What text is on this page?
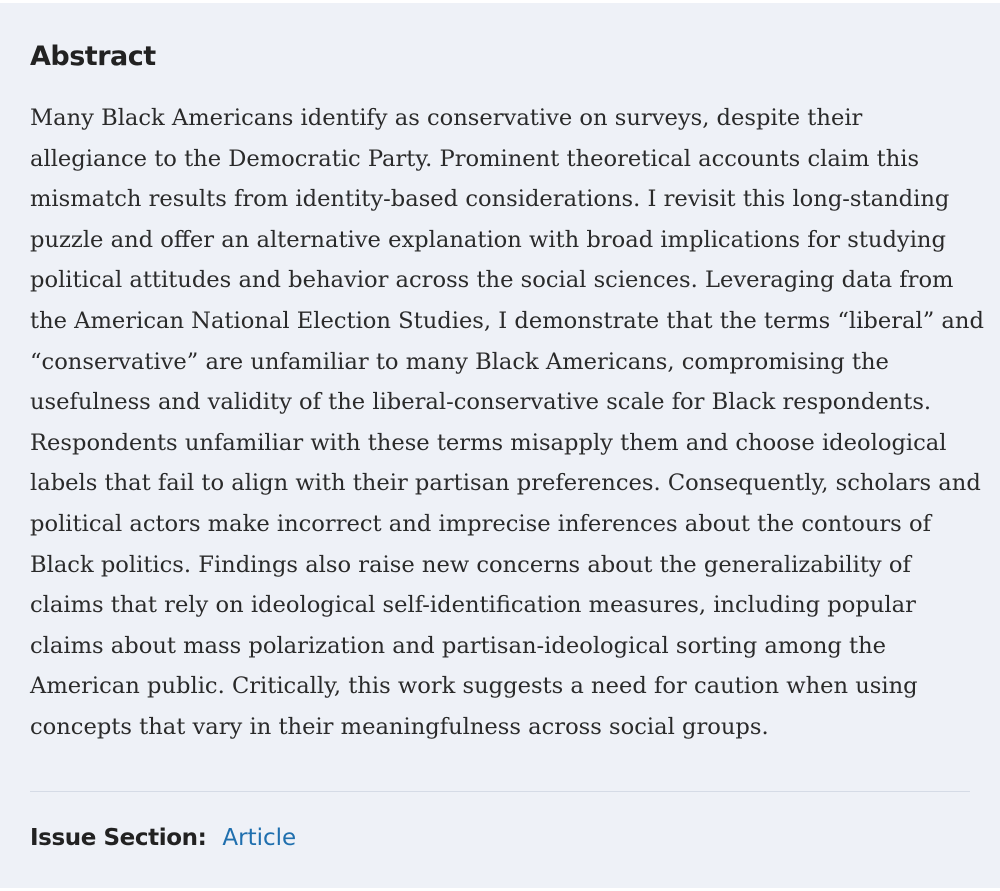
Abstract
Many Black Americans identify as conservative on surveys, despite their
allegiance to the Democratic Party. Prominent theoretical accounts claim this
mismatch results from identity-based considerations. I revisit this long-standing
puzzle and offer an alternative explanation with broad implications for studying
political attitudes and behavior across the social sciences. Leveraging data from
the American National Election Studies, I demonstrate that the terms “liberal” and
“conservative” are unfamiliar to many Black Americans, compromising the
usefulness and validity of the liberal-conservative scale for Black respondents.
Respondents unfamiliar with these terms misapply them and choose ideological
labels that fail to align with their partisan preferences. Consequently, scholars and
political actors make incorrect and imprecise inferences about the contours of
Black politics. Findings also raise new concerns about the generalizability of
claims that rely on ideological self-identification measures, including popular
claims about mass polarization and partisan-ideological sorting among the
American public. Critically, this work suggests a need for caution when using
concepts that vary in their meaningfulness across social groups.
Issue Section: Article
